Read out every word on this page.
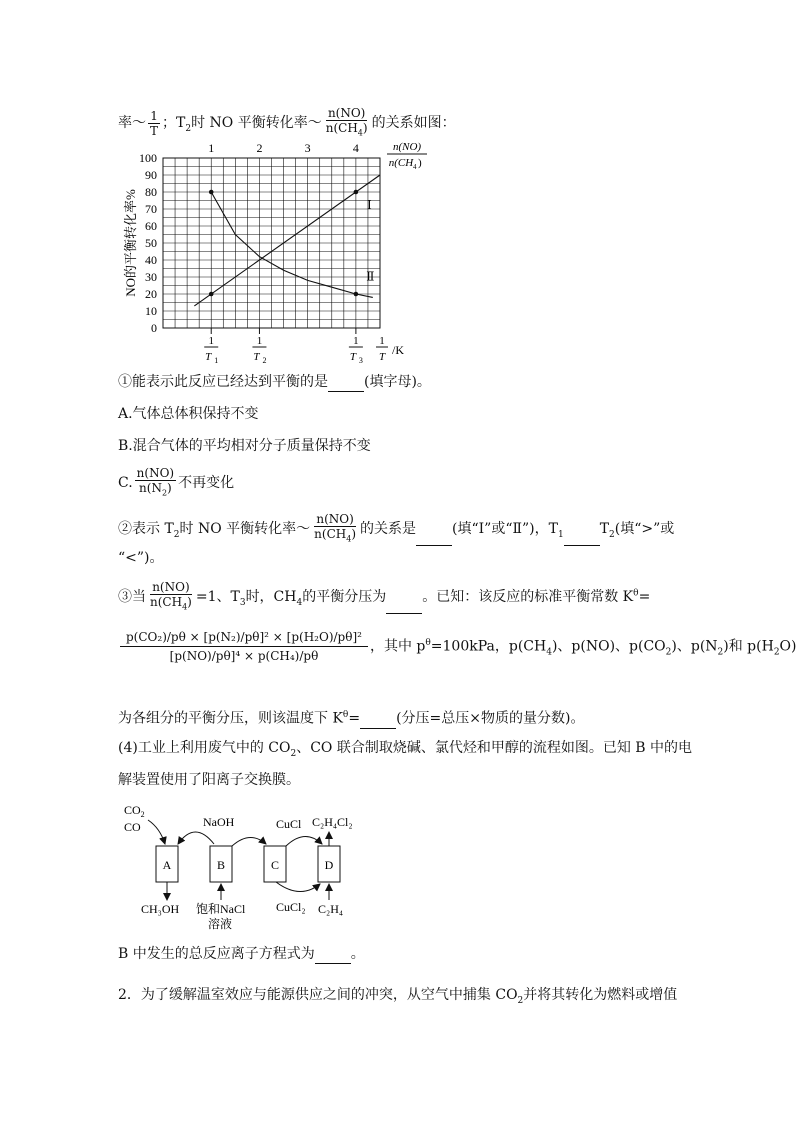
率～ $\frac{1}{T}$ ；$T_2$时 NO 平衡转化率～ $\frac{n(NO)}{n(CH_4)}$ 的关系如图：
100
90
80
70
60
50
40
30
20
10
0
1	2	3	4
1
T 1
1
T 2
1
T 3
Ⅰ
Ⅱ
NO的平衡转化率%
n(NO)
n(CH 4 )
1
T /K
①能表示此反应已经达到平衡的是	(填字母)。
A.气体总体积保持不变
B.混合气体的平均相对分子质量保持不变
C. $\frac{n(NO)}{n(N_2)}$ 不再变化
②表示 $T_2$时 NO 平衡转化率～ $\frac{n(NO)}{n(CH_4)}$ 的关系是	(填“I”或“Ⅱ”)，$T_1$	$T_2$(填“>”或
“<”)。
③当 $\frac{n(NO)}{n(CH_4)} =1$、$T_3$时，$CH_4$的平衡分压为	。已知：该反应的标准平衡常数 $K^\theta=$
$\frac{\text{p(CO₂)/pθ × [p(N₂)/pθ]² × [p(H₂O)/pθ]²}}{\text{[p(NO)/pθ]⁴ × p(CH₄)/pθ}}$ ，其中 $p^\theta=100kPa$，$p(CH_4)$、p(NO)、$p(CO_2)$、$p(N_2)$和 $p(H_2O)$
为各组分的平衡分压，则该温度下 $K^\theta=$	(分压=总压×物质的量分数)。
(4)工业上利用废气中的 $CO_2$、CO 联合制取烧碱、氯代烃和甲醇的流程如图。已知 B 中的电
解装置使用了阳离子交换膜。
A	B	C	D
$CO_2$
CO	NaOH	CuCl C₂H₄Cl₂
CH₃OH 饱和NaCl
溶液
CuCl₂ C₂H₄
B 中发生的总反应离子方程式为	。
2．为了缓解温室效应与能源供应之间的冲突，从空气中捕集 $CO_2$并将其转化为燃料或增值
